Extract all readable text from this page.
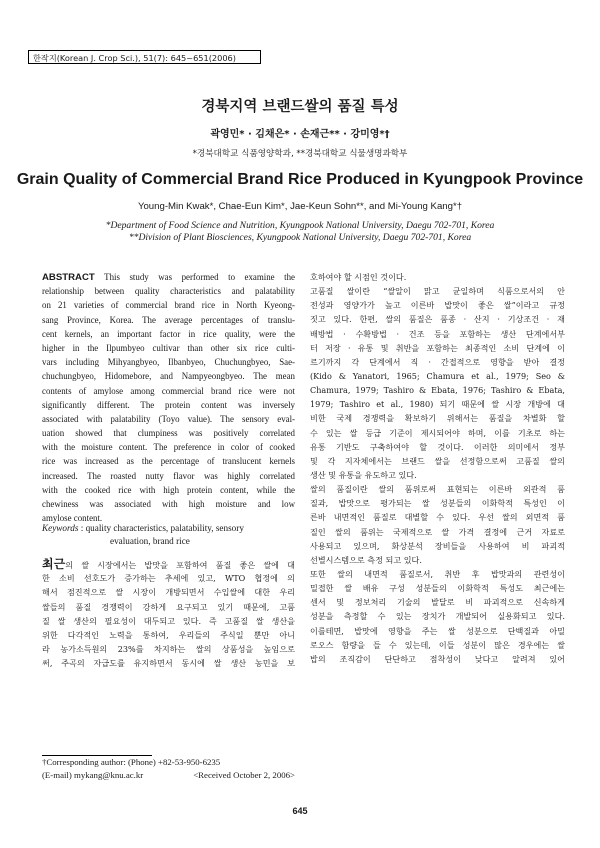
한작지(Korean J. Crop Sci.), 51(7): 645~651(2006)
경북지역 브랜드쌀의 품질 특성
곽영민* · 김채은* · 손재근** · 강미영*†
*경북대학교 식품영양학과, **경북대학교 식물생명과학부
Grain Quality of Commercial Brand Rice Produced in Kyungpook Province
Young-Min Kwak*, Chae-Eun Kim*, Jae-Keun Sohn**, and Mi-Young Kang*†
*Department of Food Science and Nutrition, Kyungpook National University, Daegu 702-701, Korea
**Division of Plant Biosciences, Kyungpook National University, Daegu 702-701, Korea
ABSTRACT This study was performed to examine the
relationship between quality characteristics and palatability
on 21 varieties of commercial brand rice in North Kyeong-
sang Province, Korea. The average percentages of translu-
cent kernels, an important factor in rice quality, were the
higher in the Ilpumbyeo cultivar than other six rice culti-
vars including Mihyangbyeo, Ilbanbyeo, Chuchungbyeo, Sae-
chuchungbyeo, Hidomebore, and Nampyeongbyeo. The mean
contents of amylose among commercial brand rice were not
significantly different. The protein content was inversely
associated with palatability (Toyo value). The sensory eval-
uation showed that clumpiness was positively correlated
with the moisture content. The preference in color of cooked
rice was increased as the percentage of translucent kernels
increased. The roasted nutty flavor was highly correlated
with the cooked rice with high protein content, while the
chewiness was associated with high moisture and low
amylose content.
Keywords : quality characteristics, palatability, sensory
evaluation, brand rice
최근의 쌀 시장에서는 밥맛을 포함하여 품질 좋은 쌀에 대
한 소비 선호도가 증가하는 추세에 있고, WTO 협정에 의
해서 점진적으로 쌀 시장이 개방되면서 수입쌀에 대한 우리
쌀들의 품질 경쟁력이 강하게 요구되고 있기 때문에, 고품
질 쌀 생산의 필요성이 대두되고 있다. 즉 고품질 쌀 생산을
위한 다각적인 노력을 통하여, 우리들의 주식일 뿐만 아니
라 농가소득원의 23%를 차지하는 쌀의 상품성을 높임으로
써, 주곡의 자급도를 유지하면서 동시에 쌀 생산 농민을 보
호하여야 할 시점인 것이다.
고품질 쌀이란 “쌀알이 맑고 균일하며 식품으로서의 안
전성과 영양가가 높고 이른바 밥맛이 좋은 쌀”이라고 규정
짓고 있다. 한편, 쌀의 품질은 품종 · 산지 · 기상조건 · 재
배방법 · 수확방법 · 건조 등을 포함하는 생산 단계에서부
터 저장 · 유통 및 취반을 포함하는 최종적인 소비 단계에 이
르기까지 각 단계에서 직 · 간접적으로 영향을 받아 결정
(Kido & Yanatori, 1965; Chamura et al., 1979; Seo &
Chamura, 1979; Tashiro & Ebata, 1976; Tashiro & Ebata,
1979; Tashiro et al., 1980) 되기 때문에 쌀 시장 개방에 대
비한 국제 경쟁력을 확보하기 위해서는 품질을 차별화 할
수 있는 쌀 등급 기준이 제시되어야 하며, 이를 기초로 하는
유통 기반도 구축하여야 할 것이다. 이러한 의미에서 정부
및 각 지자체에서는 브랜드 쌀을 선정함으로써 고품질 쌀의
생산 및 유통을 유도하고 있다.
쌀의 품질이란 쌀의 품위로써 표현되는 이른바 외관적 품
질과, 밥맛으로 평가되는 쌀 성분들의 이화학적 특성인 이
른바 내면적인 품질로 대별할 수 있다. 우선 쌀의 외면적 품
질인 쌀의 품위는 국제적으로 쌀 가격 결정에 근거 자료로
사용되고 있으며, 화상분석 장비들을 사용하여 비 파괴적
선별시스템으로 측정 되고 있다.
또한 쌀의 내면적 품질로서, 취반 후 밥맛과의 관련성이
밀접한 쌀 배유 구성 성분들의 이화학적 특성도 최근에는
센서 및 정보처리 기술의 발달로 비 파괴적으로 신속하게
성분을 측정할 수 있는 장치가 개발되어 실용화되고 있다.
이를테면, 밥맛에 영향을 주는 쌀 성분으로 단백질과 아밀
로오스 함량을 들 수 있는데, 이들 성분이 많은 경우에는 쌀
밥의 조직감이 단단하고 점착성이 낮다고 알려져 있어
†Corresponding author: (Phone) +82-53-950-6235
(E-mail) mykang@knu.ac.kr	<Received October 2, 2006>
645
